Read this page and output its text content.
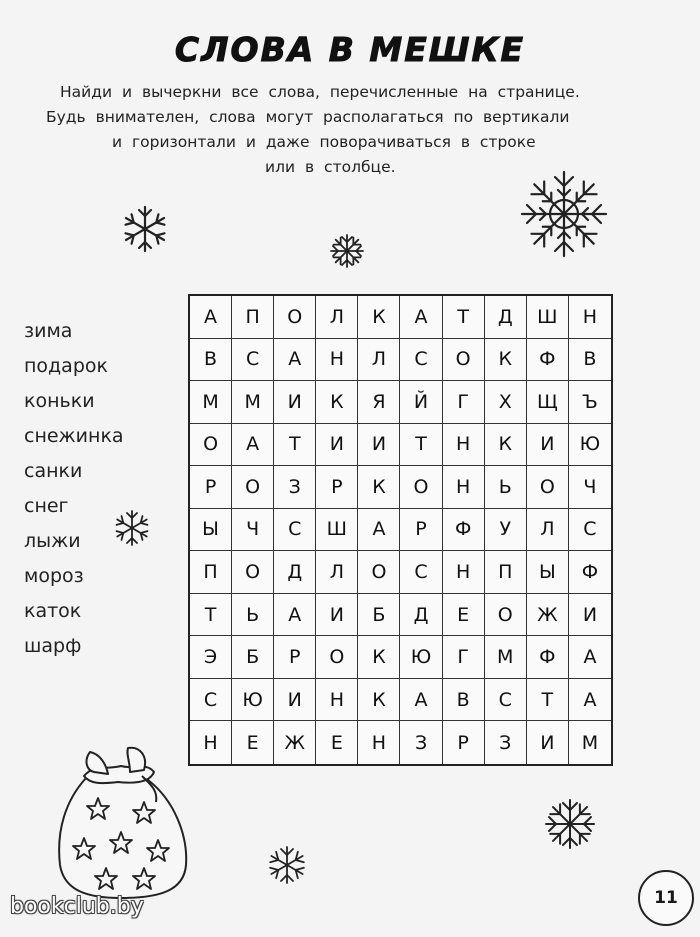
СЛОВА В МЕШКЕ
Найди и вычеркни все слова, перечисленные на странице.
Будь внимателен, слова могут располагаться по вертикали
и горизонтали и даже поворачиваться в строке
или в столбце.
зима
подарок
коньки
снежинка
санки
снег
лыжи
мороз
каток
шарф
А	П	О	Л	К	А	Т	Д	Ш	Н
В	С	А	Н	Л	С	О	К	Ф	В
М	М	И	К	Я	Й	Г	Х	Щ	Ъ
О	А	Т	И	И	Т	Н	К	И	Ю
Р	О	З	Р	К	О	Н	Ь	О	Ч
Ы	Ч	С	Ш	А	Р	Ф	У	Л	С
П	О	Д	Л	О	С	Н	П	Ы	Ф
Т	Ь	А	И	Б	Д	Е	О	Ж	И
Э	Б	Р	О	К	Ю	Г	М	Ф	А
С	Ю	И	Н	К	А	В	С	Т	А
Н	Е	Ж	Е	Н	З	Р	З	И	М
11
bookclub.by
